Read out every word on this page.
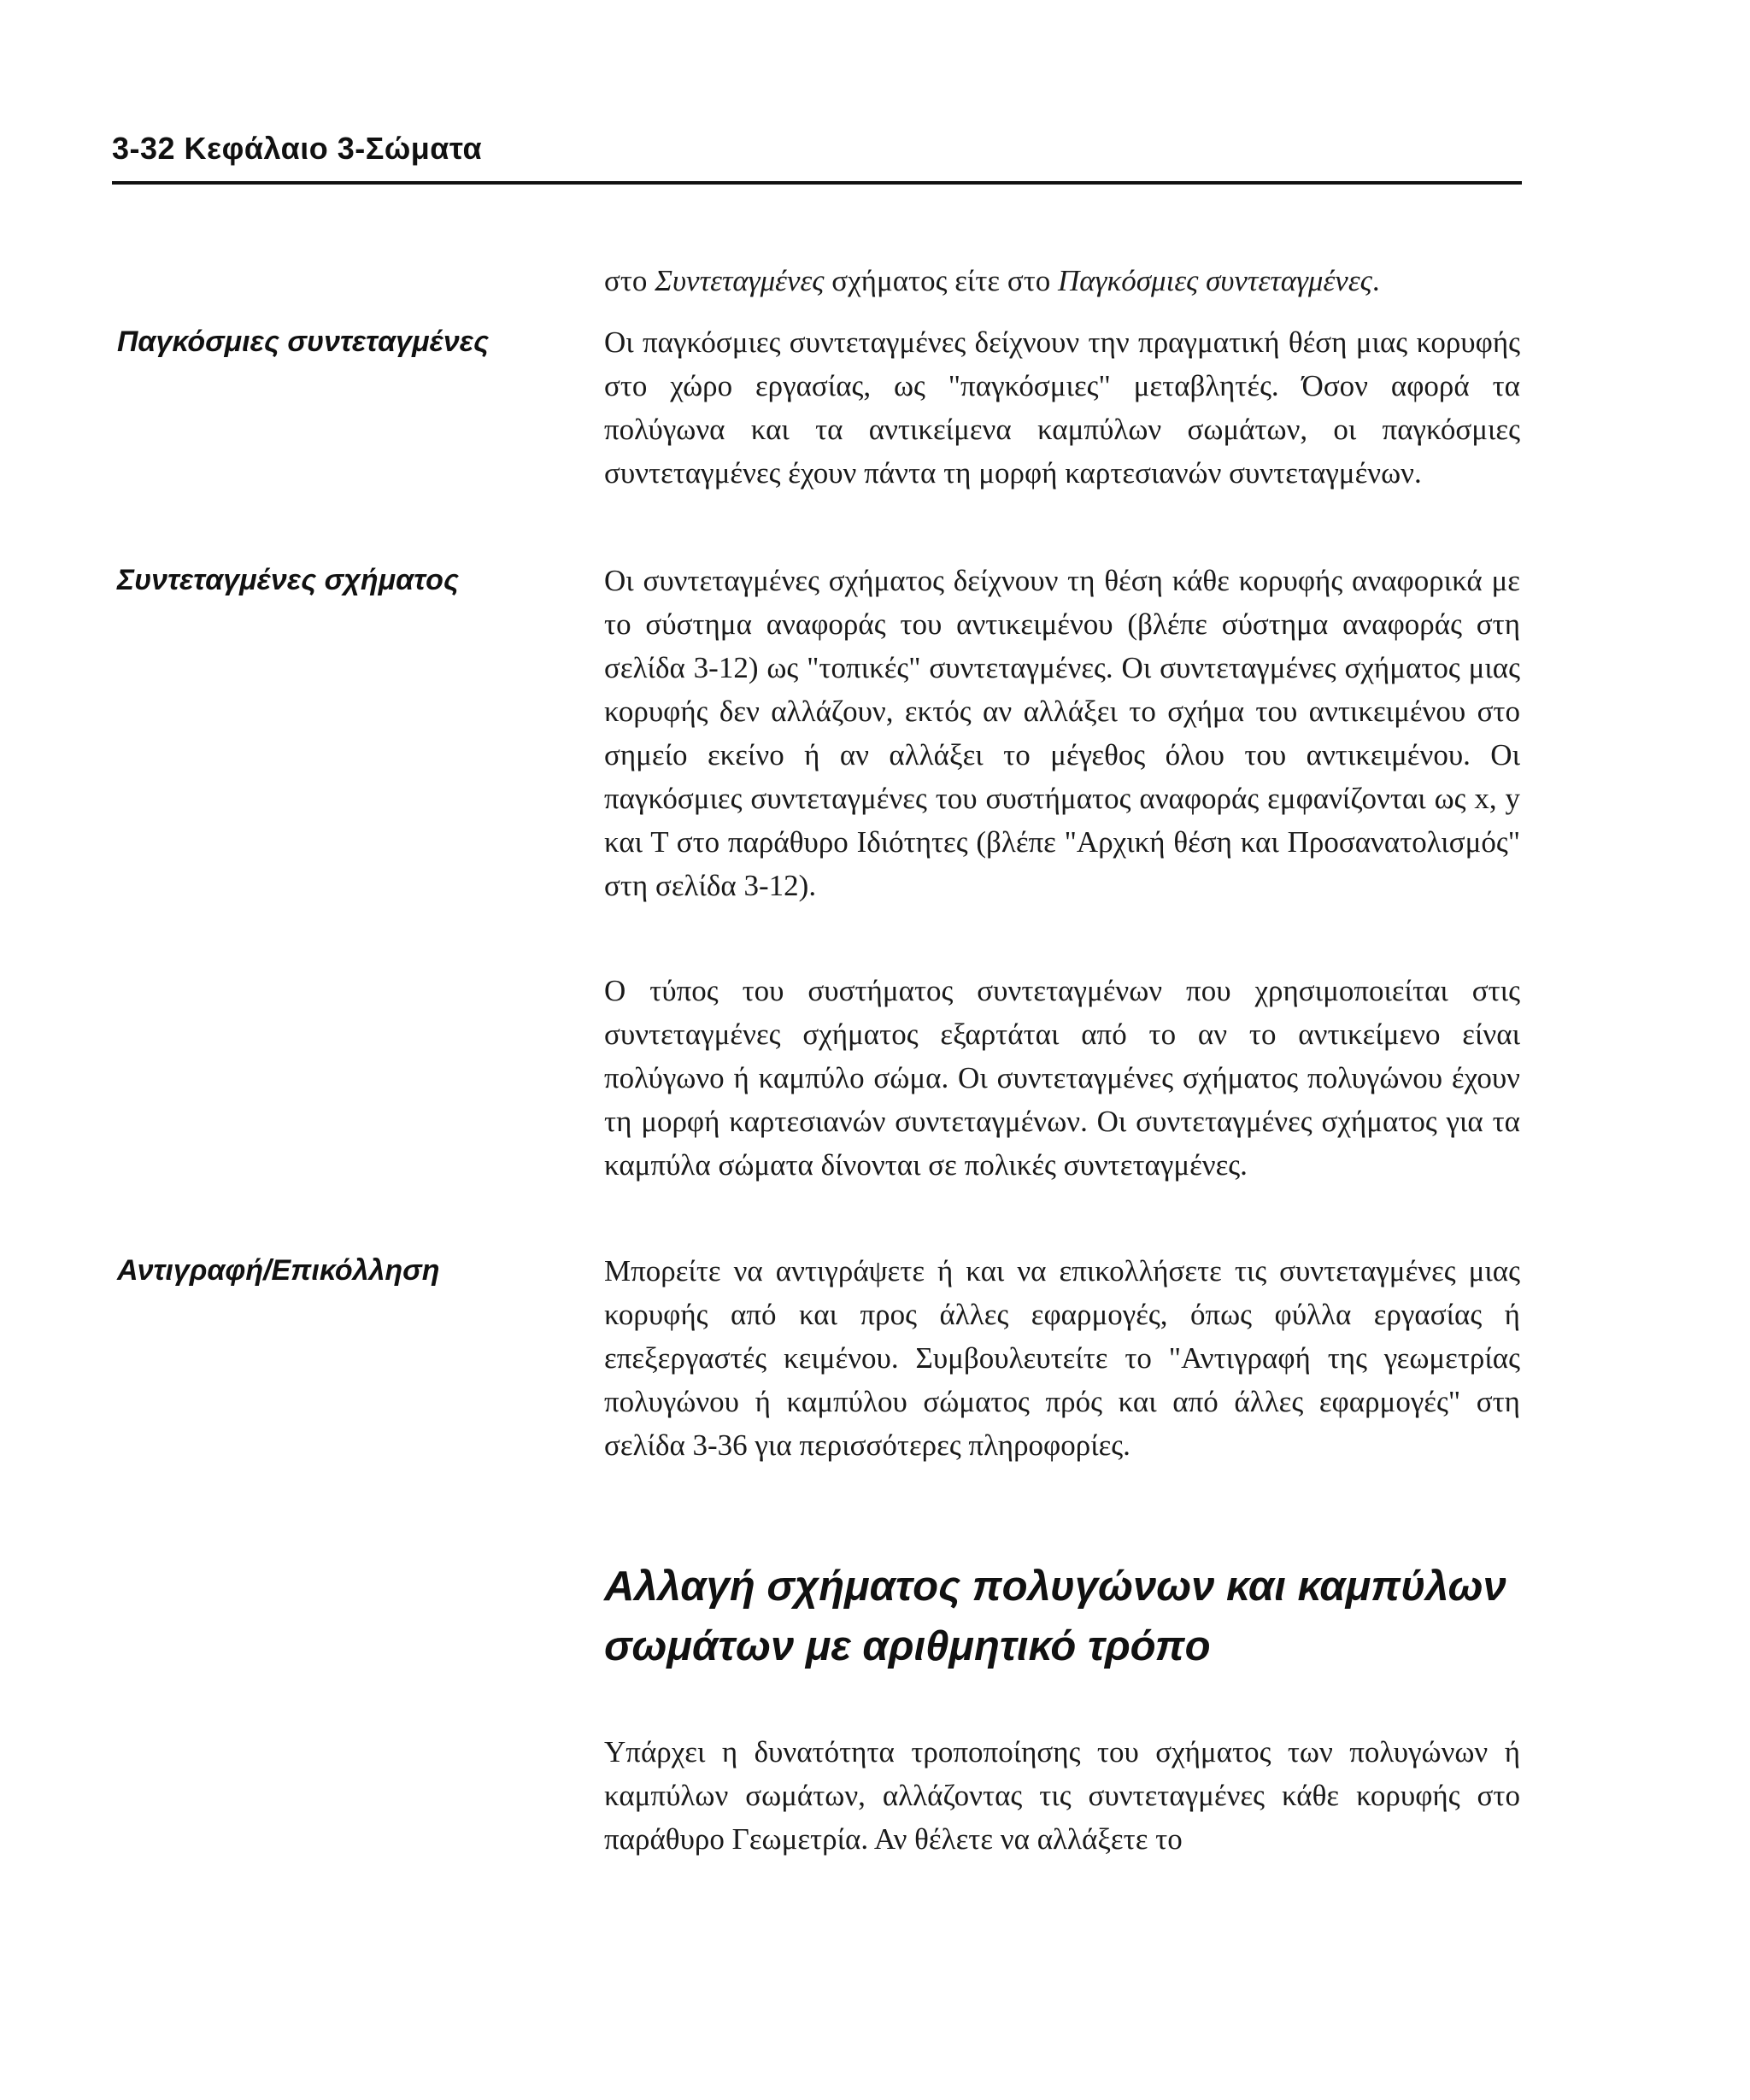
3-32 Κεφάλαιο 3-Σώματα
στο Συντεταγμένες σχήματος είτε στο Παγκόσμιες συντεταγμένες.
Παγκόσμιες συντεταγμένες	Οι παγκόσμιες συντεταγμένες δείχνουν την πραγματική θέση μιας κορυφής στο χώρο εργασίας, ως "παγκόσμιες" μεταβλητές. Όσον αφορά τα πολύγωνα και τα αντικείμενα καμπύλων σωμάτων, οι παγκόσμιες συντεταγμένες έχουν πάντα τη μορφή καρτεσιανών συντεταγμένων.
Συντεταγμένες σχήματος	Οι συντεταγμένες σχήματος δείχνουν τη θέση κάθε κορυφής αναφορικά με το σύστημα αναφοράς του αντικειμένου (βλέπε σύστημα αναφοράς στη σελίδα 3-12) ως "τοπικές" συντεταγμένες. Οι συντεταγμένες σχήματος μιας κορυφής δεν αλλάζουν, εκτός αν αλλάξει το σχήμα του αντικειμένου στο σημείο εκείνο ή αν αλλάξει το μέγεθος όλου του αντικειμένου. Οι παγκόσμιες συντεταγμένες του συστήματος αναφοράς εμφανίζονται ως x, y και Τ στο παράθυρο Ιδιότητες (βλέπε "Αρχική θέση και Προσανατολισμός" στη σελίδα 3-12).
Ο τύπος του συστήματος συντεταγμένων που χρησιμοποιείται στις συντεταγμένες σχήματος εξαρτάται από το αν το αντικείμενο είναι πολύγωνο ή καμπύλο σώμα. Οι συντεταγμένες σχήματος πολυγώνου έχουν τη μορφή καρτεσιανών συντεταγμένων. Οι συντεταγμένες σχήματος για τα καμπύλα σώματα δίνονται σε πολικές συντεταγμένες.
Αντιγραφή/Επικόλληση	Μπορείτε να αντιγράψετε ή και να επικολλήσετε τις συντεταγμένες μιας κορυφής από και προς άλλες εφαρμογές, όπως φύλλα εργασίας ή επεξεργαστές κειμένου. Συμβουλευτείτε το "Αντιγραφή της γεωμετρίας πολυγώνου ή καμπύλου σώματος πρός και από άλλες εφαρμογές" στη σελίδα 3-36 για περισσότερες πληροφορίες.
Αλλαγή σχήματος πολυγώνων και καμπύλων
σωμάτων με αριθμητικό τρόπο
Υπάρχει η δυνατότητα τροποποίησης του σχήματος των πολυγώνων ή καμπύλων σωμάτων, αλλάζοντας τις συντεταγμένες κάθε κορυφής στο παράθυρο Γεωμετρία. Αν θέλετε να αλλάξετε το
